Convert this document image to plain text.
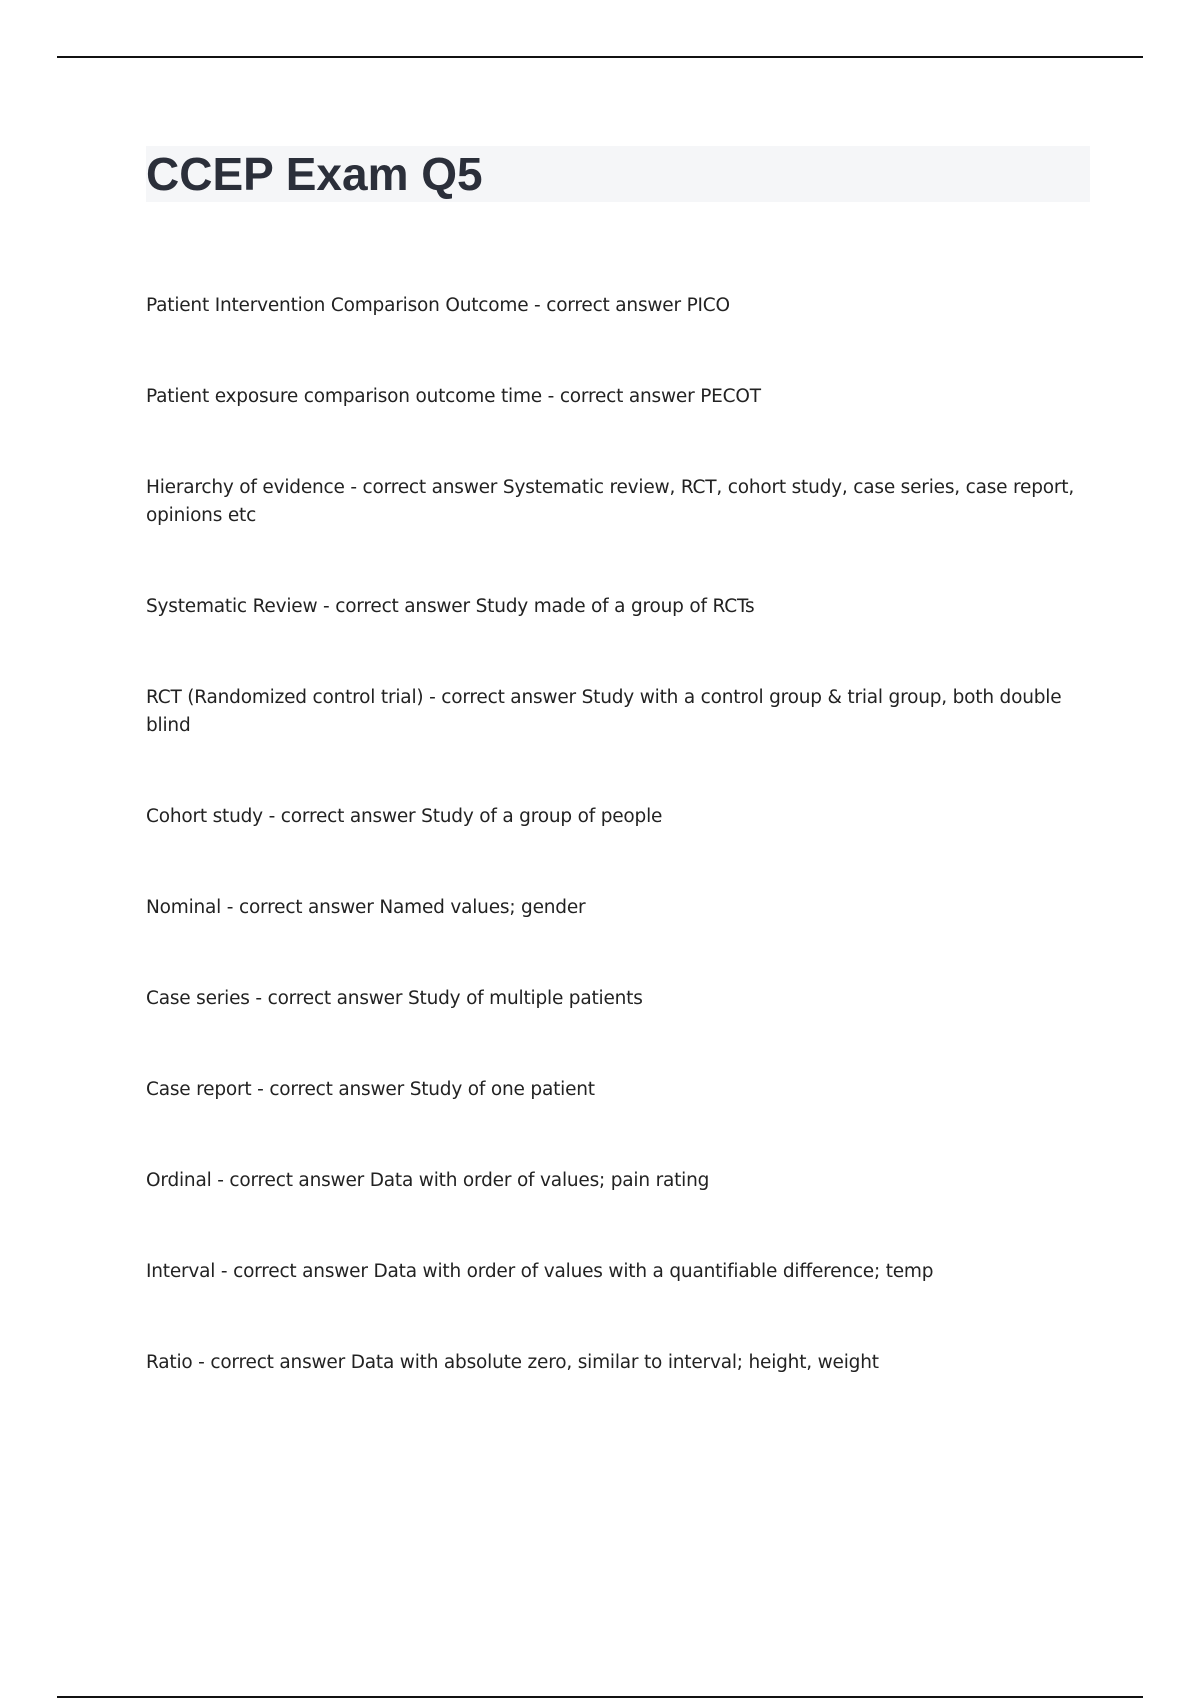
CCEP Exam Q5

Patient Intervention Comparison Outcome - correct answer PICO

Patient exposure comparison outcome time - correct answer PECOT

Hierarchy of evidence - correct answer Systematic review, RCT, cohort study, case series, case report, opinions etc

Systematic Review - correct answer Study made of a group of RCTs

RCT (Randomized control trial) - correct answer Study with a control group & trial group, both double blind

Cohort study - correct answer Study of a group of people

Nominal - correct answer Named values; gender

Case series - correct answer Study of multiple patients

Case report - correct answer Study of one patient

Ordinal - correct answer Data with order of values; pain rating

Interval - correct answer Data with order of values with a quantifiable difference; temp

Ratio - correct answer Data with absolute zero, similar to interval; height, weight
